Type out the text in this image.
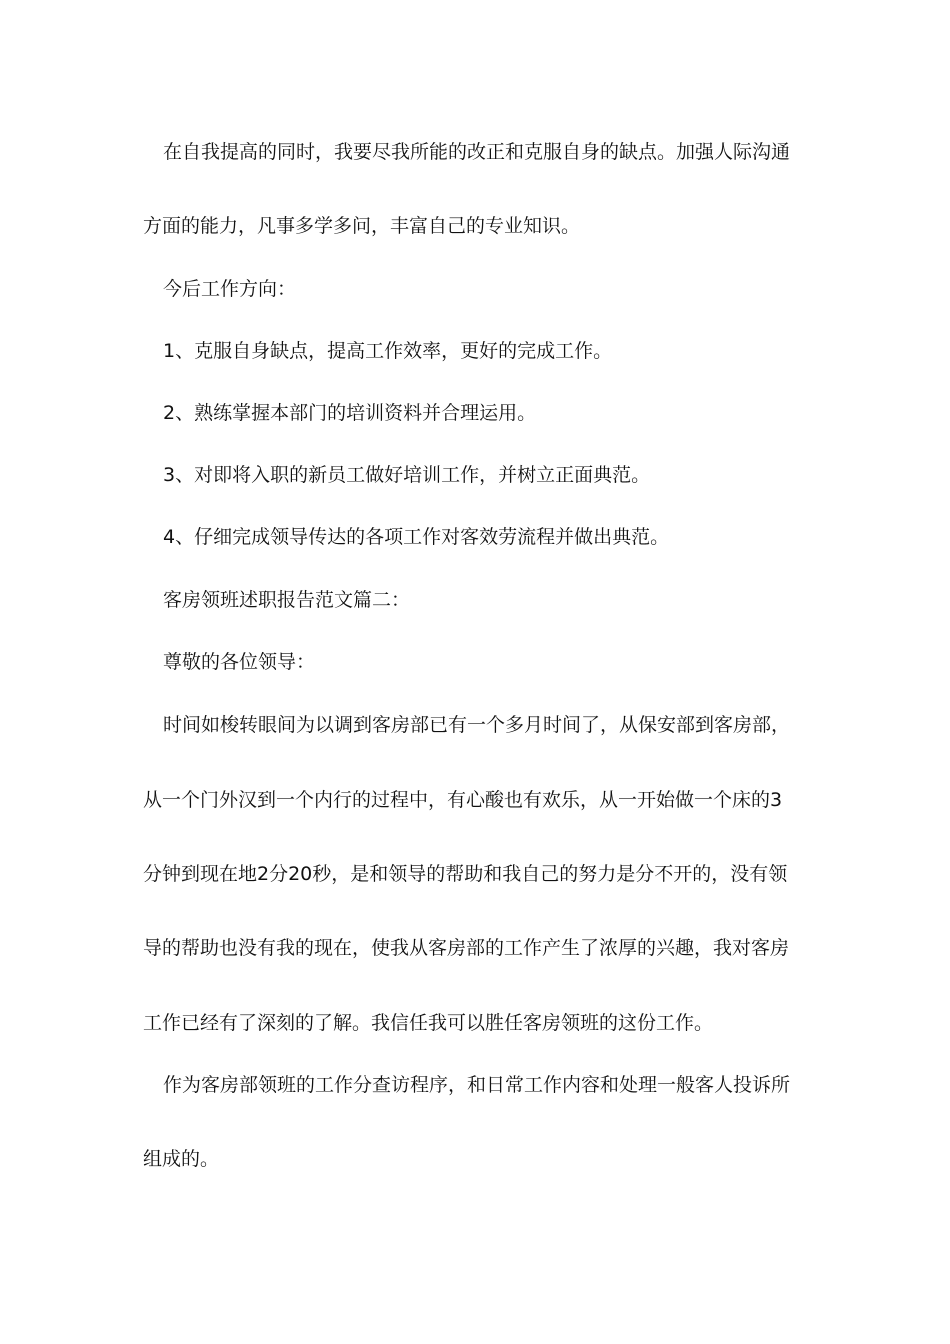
在自我提高的同时，我要尽我所能的改正和克服自身的缺点。加强人际沟通
方面的能力，凡事多学多问，丰富自己的专业知识。
今后工作方向：
1、克服自身缺点，提高工作效率，更好的完成工作。
2、熟练掌握本部门的培训资料并合理运用。
3、对即将入职的新员工做好培训工作，并树立正面典范。
4、仔细完成领导传达的各项工作对客效劳流程并做出典范。
客房领班述职报告范文篇二：
尊敬的各位领导：
时间如梭转眼间为以调到客房部已有一个多月时间了，从保安部到客房部，
从一个门外汉到一个内行的过程中，有心酸也有欢乐，从一开始做一个床的3
分钟到现在地2分20秒，是和领导的帮助和我自己的努力是分不开的，没有领
导的帮助也没有我的现在，使我从客房部的工作产生了浓厚的兴趣，我对客房
工作已经有了深刻的了解。我信任我可以胜任客房领班的这份工作。
作为客房部领班的工作分查访程序，和日常工作内容和处理一般客人投诉所
组成的。
